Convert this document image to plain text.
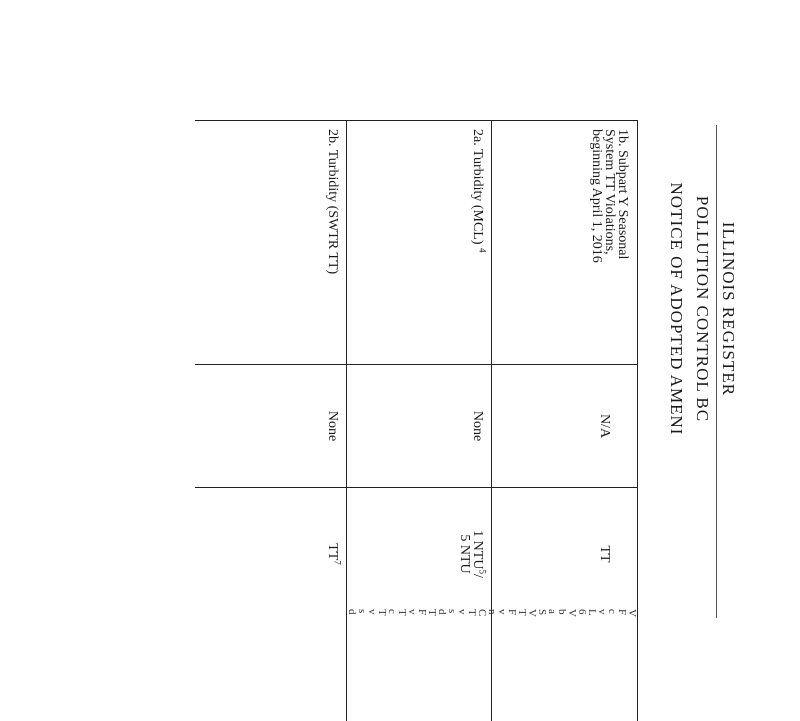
ILLINOIS REGISTER
POLLUTION CONTROL BC
NOTICE OF ADOPTED AMENI
1b. Subpart Y Seasonal
System TT Violations,
beginning April 1, 2016
N/A
TT
2a. Turbidity (MCL) $^4$
None
1 NTU$^5$/
5 NTU
2b. Turbidity (SWTR TT)
None
$TT^7$
V
F
c
v
L
6
V
b
a
S
V
T
F
v
n
C
T
v
s
d
T
F
v
T
c
T
v
s
d
